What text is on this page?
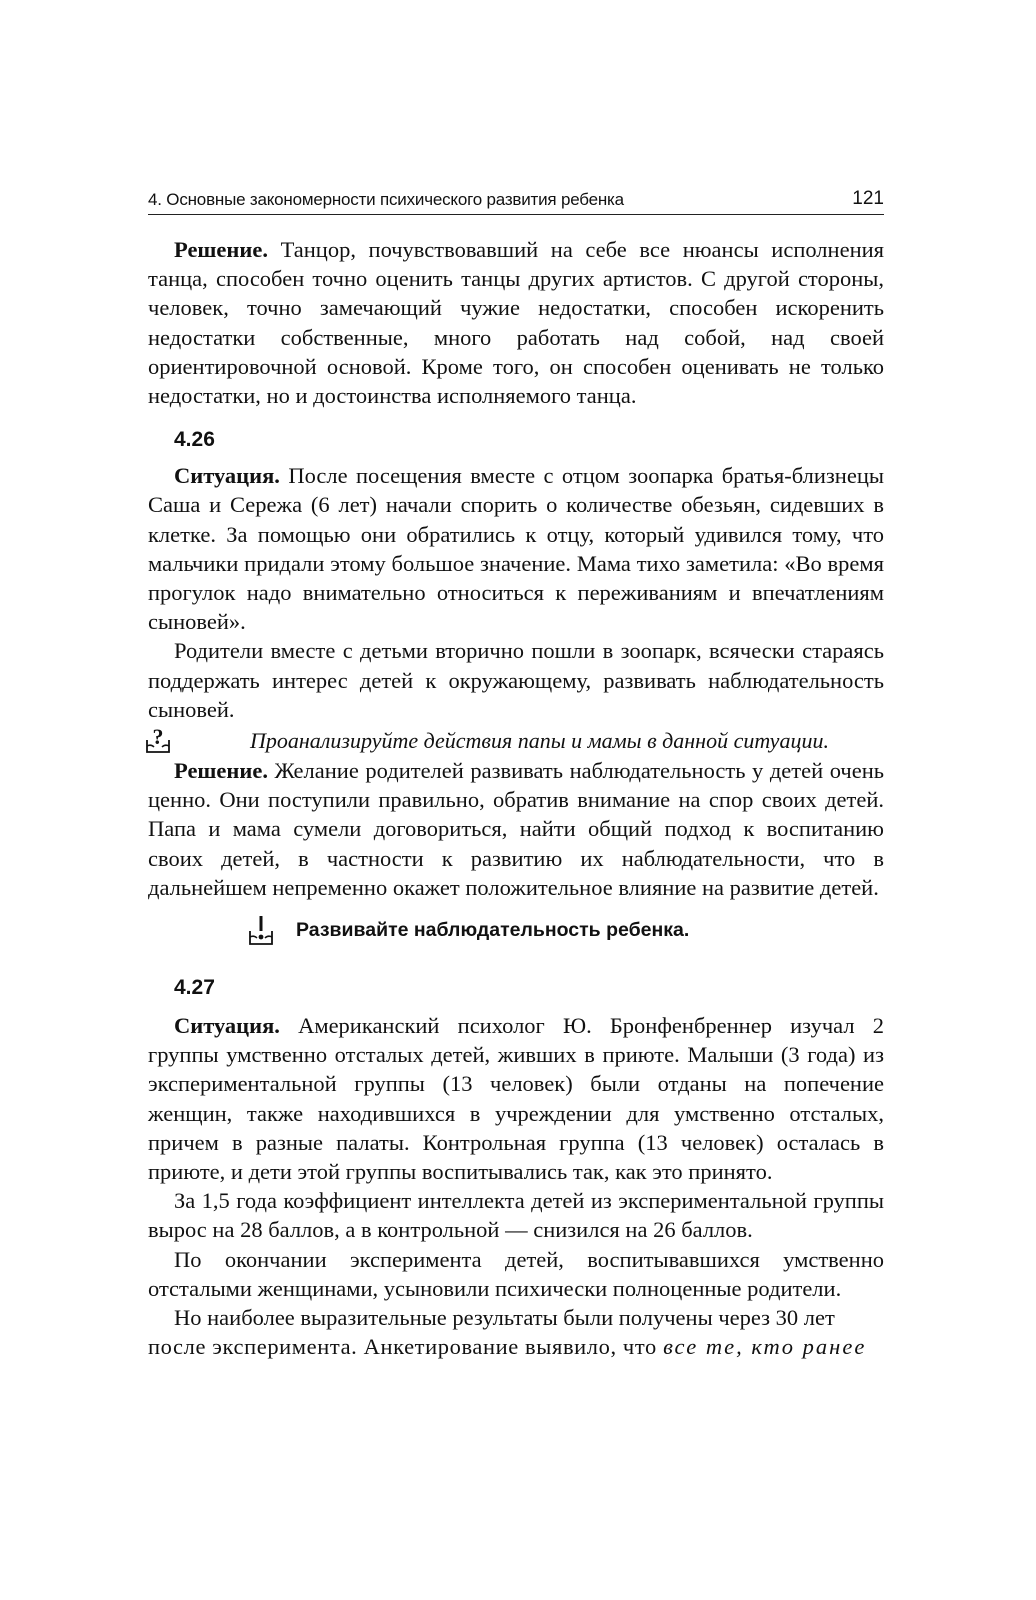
4. Основные закономерности психического развития ребенка	121

Решение. Танцор, почувствовавший на себе все нюансы исполнения танца, способен точно оценить танцы других артистов. С другой стороны, человек, точно замечающий чужие недостатки, способен искоренить недостатки собственные, много работать над собой, над своей ориентировочной основой. Кроме того, он способен оценивать не только недостатки, но и достоинства исполняемого танца.

4.26

Ситуация. После посещения вместе с отцом зоопарка братья-близнецы Саша и Сережа (6 лет) начали спорить о количестве обезьян, сидевших в клетке. За помощью они обратились к отцу, который удивился тому, что мальчики придали этому большое значение. Мама тихо заметила: «Во время прогулок надо внимательно относиться к переживаниям и впечатлениям сыновей».

Родители вместе с детьми вторично пошли в зоопарк, всячески стараясь поддержать интерес детей к окружающему, развивать наблюдательность сыновей.

?	Проанализируйте действия папы и мамы в данной ситуации.

Решение. Желание родителей развивать наблюдательность у детей очень ценно. Они поступили правильно, обратив внимание на спор своих детей. Папа и мама сумели договориться, найти общий подход к воспитанию своих детей, в частности к развитию их наблюдательности, что в дальнейшем непременно окажет положительное влияние на развитие детей.

Развивайте наблюдательность ребенка.
4.27

Ситуация. Американский психолог Ю. Бронфенбреннер изучал 2 группы умственно отсталых детей, живших в приюте. Малыши (3 года) из экспериментальной группы (13 человек) были отданы на попечение женщин, также находившихся в учреждении для умственно отсталых, причем в разные палаты. Контрольная группа (13 человек) осталась в приюте, и дети этой группы воспитывались так, как это принято.

За 1,5 года коэффициент интеллекта детей из экспериментальной группы вырос на 28 баллов, а в контрольной — снизился на 26 баллов.

По окончании эксперимента детей, воспитывавшихся умственно отсталыми женщинами, усыновили психически полноценные родители.

Но наиболее выразительные результаты были получены через 30 лет

после эксперимента. Анкетирование выявило, что все те, кто ранее
